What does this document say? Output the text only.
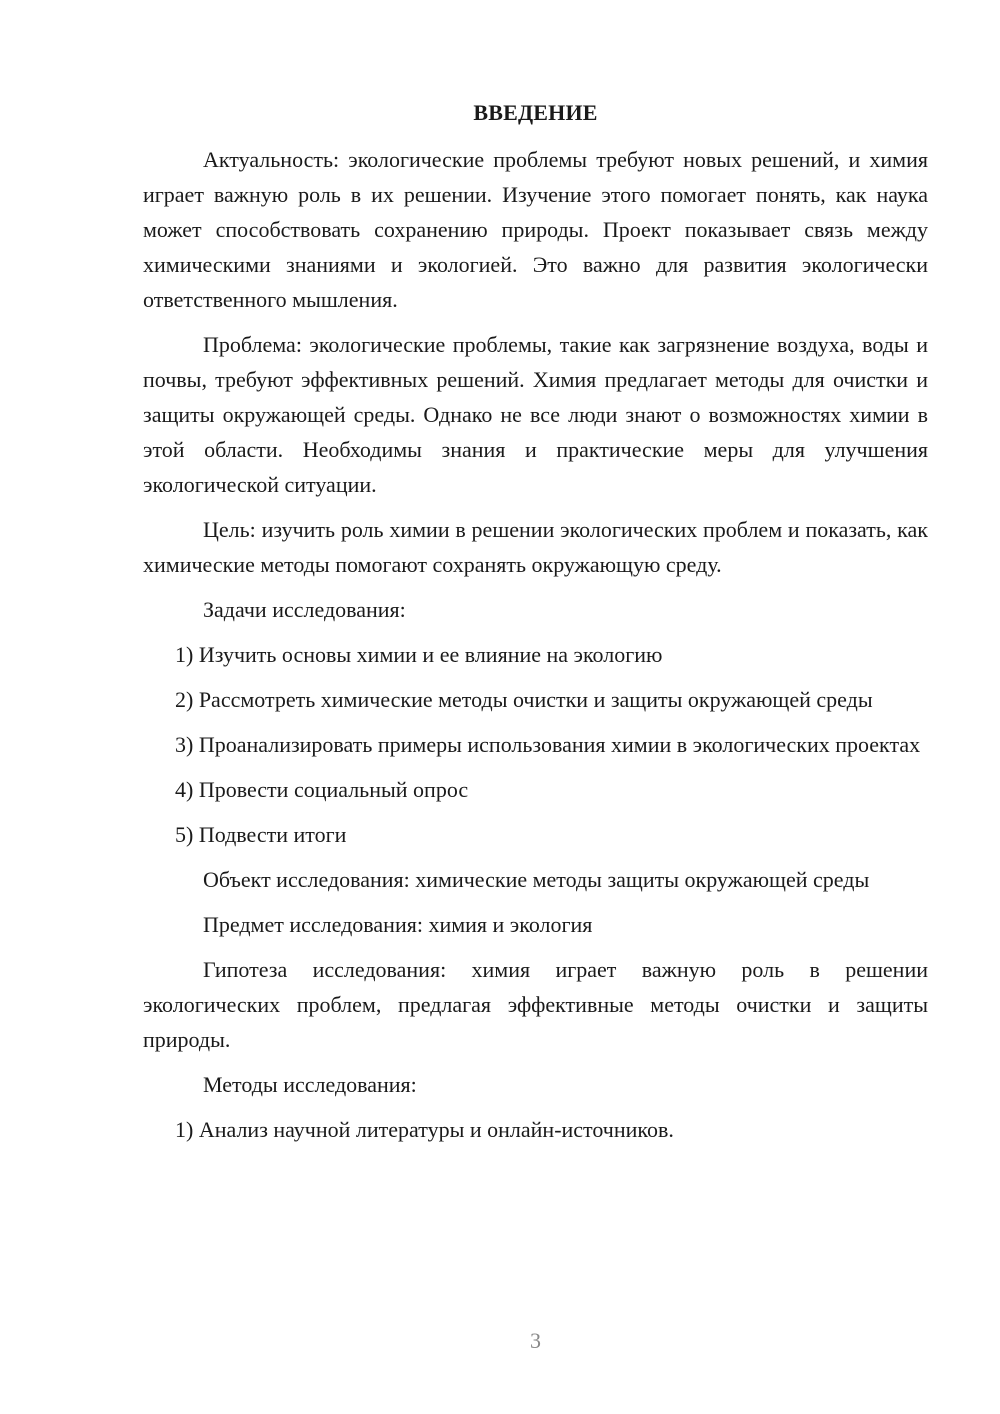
ВВЕДЕНИЕ

Актуальность: экологические проблемы требуют новых решений, и химия играет важную роль в их решении. Изучение этого помогает понять, как наука может способствовать сохранению природы. Проект показывает связь между химическими знаниями и экологией. Это важно для развития экологически ответственного мышления.

Проблема: экологические проблемы, такие как загрязнение воздуха, воды и почвы, требуют эффективных решений. Химия предлагает методы для очистки и защиты окружающей среды. Однако не все люди знают о возможностях химии в этой области. Необходимы знания и практические меры для улучшения экологической ситуации.

Цель: изучить роль химии в решении экологических проблем и показать, как химические методы помогают сохранять окружающую среду.

Задачи исследования:

1) Изучить основы химии и ее влияние на экологию

2) Рассмотреть химические методы очистки и защиты окружающей среды

3) Проанализировать примеры использования химии в экологических проектах

4) Провести социальный опрос

5) Подвести итоги

Объект исследования: химические методы защиты окружающей среды

Предмет исследования: химия и экология

Гипотеза исследования: химия играет важную роль в решении экологических проблем, предлагая эффективные методы очистки и защиты природы.

Методы исследования:

1) Анализ научной литературы и онлайн-источников.

3
